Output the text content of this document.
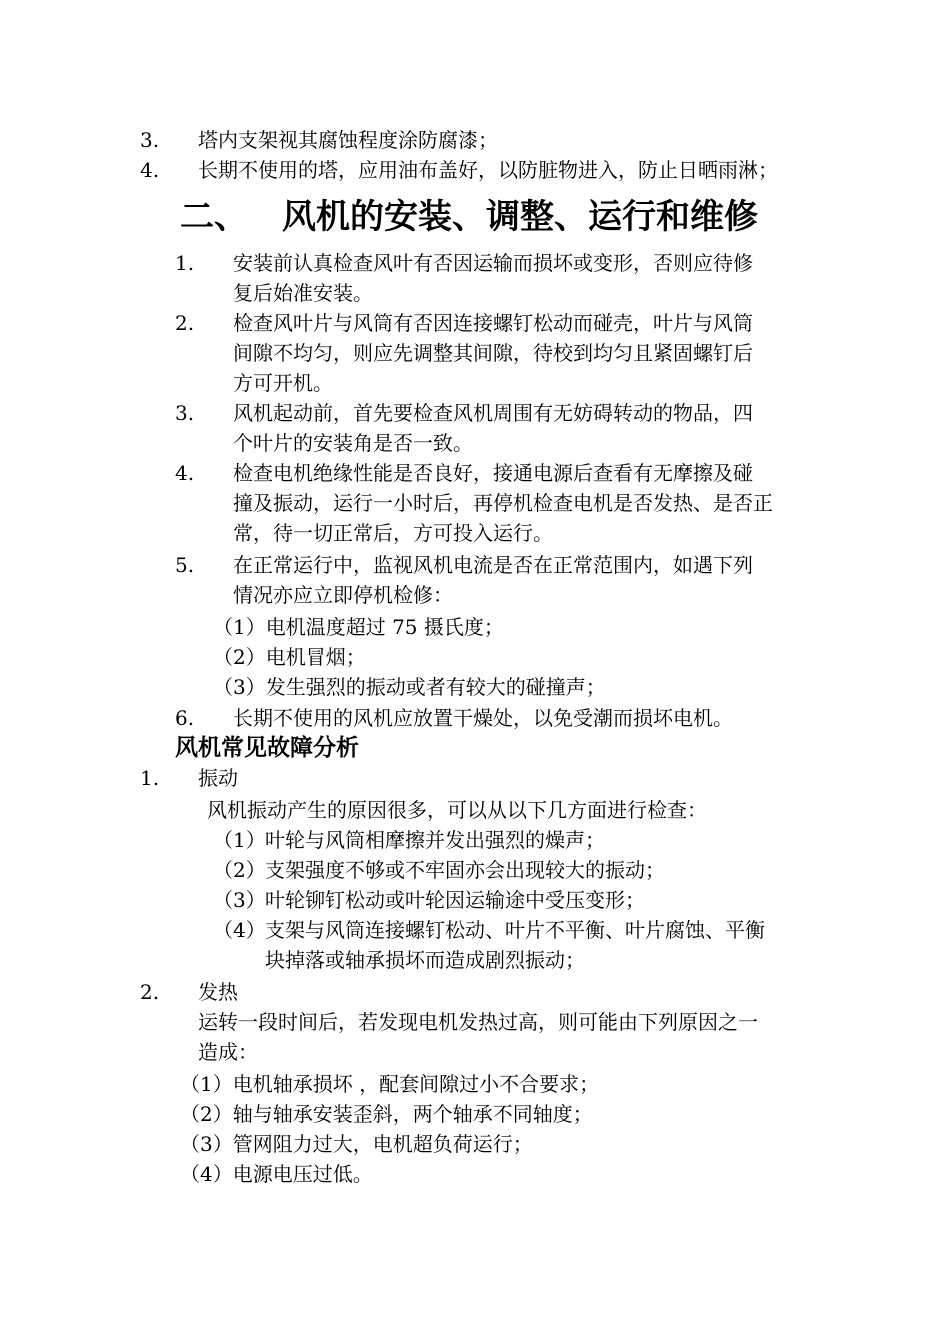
3. 塔内支架视其腐蚀程度涂防腐漆；
4. 长期不使用的塔，应用油布盖好，以防脏物进入，防止日晒雨淋；
二、 风机的安装、调整、运行和维修
1. 安装前认真检查风叶有否因运输而损坏或变形，否则应待修
复后始准安装。
2. 检查风叶片与风筒有否因连接螺钉松动而碰壳，叶片与风筒
间隙不均匀，则应先调整其间隙，待校到均匀且紧固螺钉后
方可开机。
3. 风机起动前，首先要检查风机周围有无妨碍转动的物品，四
个叶片的安装角是否一致。
4. 检查电机绝缘性能是否良好，接通电源后查看有无摩擦及碰
撞及振动，运行一小时后，再停机检查电机是否发热、是否正
常，待一切正常后，方可投入运行。
5. 在正常运行中，监视风机电流是否在正常范围内，如遇下列
情况亦应立即停机检修：
（1）电机温度超过 75 摄氏度；
（2）电机冒烟；
（3）发生强烈的振动或者有较大的碰撞声；
6. 长期不使用的风机应放置干燥处，以免受潮而损坏电机。
风机常见故障分析
1. 振动
风机振动产生的原因很多，可以从以下几方面进行检查：
（1） 叶轮与风筒相摩擦并发出强烈的燥声；
（2） 支架强度不够或不牢固亦会出现较大的振动；
（3） 叶轮铆钉松动或叶轮因运输途中受压变形；
（4） 支架与风筒连接螺钉松动、叶片不平衡、叶片腐蚀、平衡
块掉落或轴承损坏而造成剧烈振动；
2. 发热
运转一段时间后，若发现电机发热过高，则可能由下列原因之一
造成：
（1）电机轴承损坏 ，配套间隙过小不合要求；
（2）轴与轴承安装歪斜，两个轴承不同轴度；
（3）管网阻力过大，电机超负荷运行；
（4）电源电压过低。
